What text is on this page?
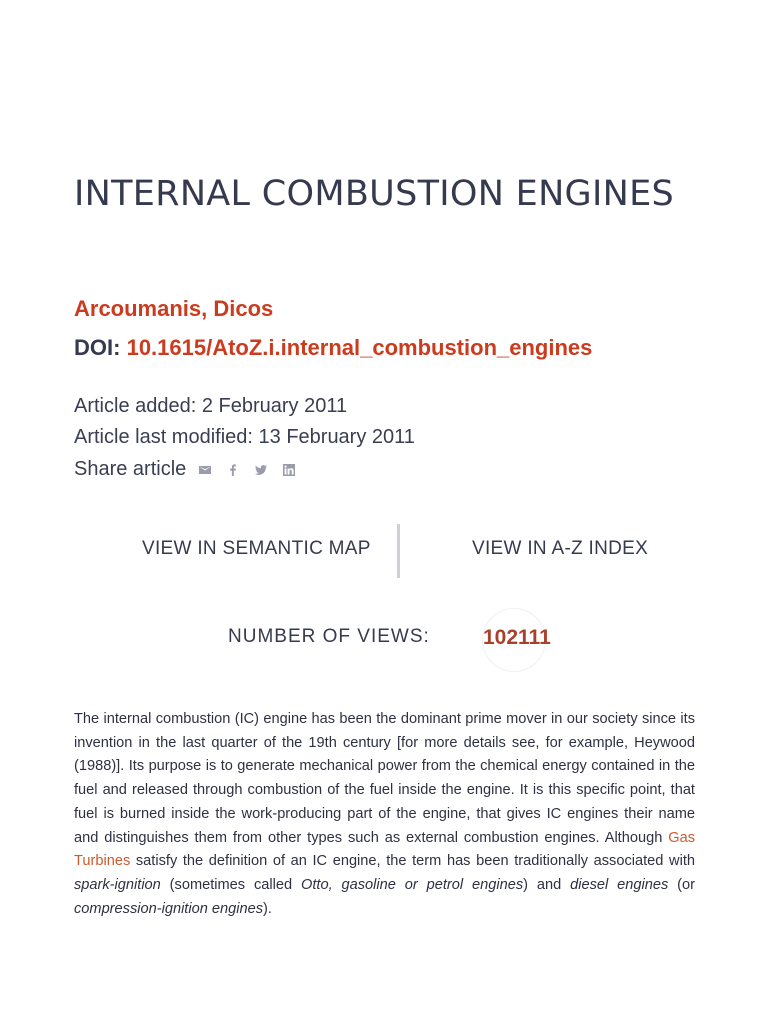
INTERNAL COMBUSTION ENGINES
Arcoumanis, Dicos
DOI: 10.1615/AtoZ.i.internal_combustion_engines
Article added: 2 February 2011
Article last modified: 13 February 2011
Share article
VIEW IN SEMANTIC MAP	VIEW IN A-Z INDEX
NUMBER OF VIEWS:	102111

The internal combustion (IC) engine has been the dominant prime mover in our society since its invention in the last quarter of the 19th century [for more details see, for example, Heywood (1988)]. Its purpose is to generate mechanical power from the chemical energy contained in the fuel and released through combustion of the fuel inside the engine. It is this specific point, that fuel is burned inside the work-producing part of the engine, that gives IC engines their name and distinguishes them from other types such as external combustion engines. Although Gas Turbines satisfy the definition of an IC engine, the term has been traditionally associated with spark-ignition (sometimes called Otto, gasoline or petrol engines) and diesel engines (or compression-ignition engines).
